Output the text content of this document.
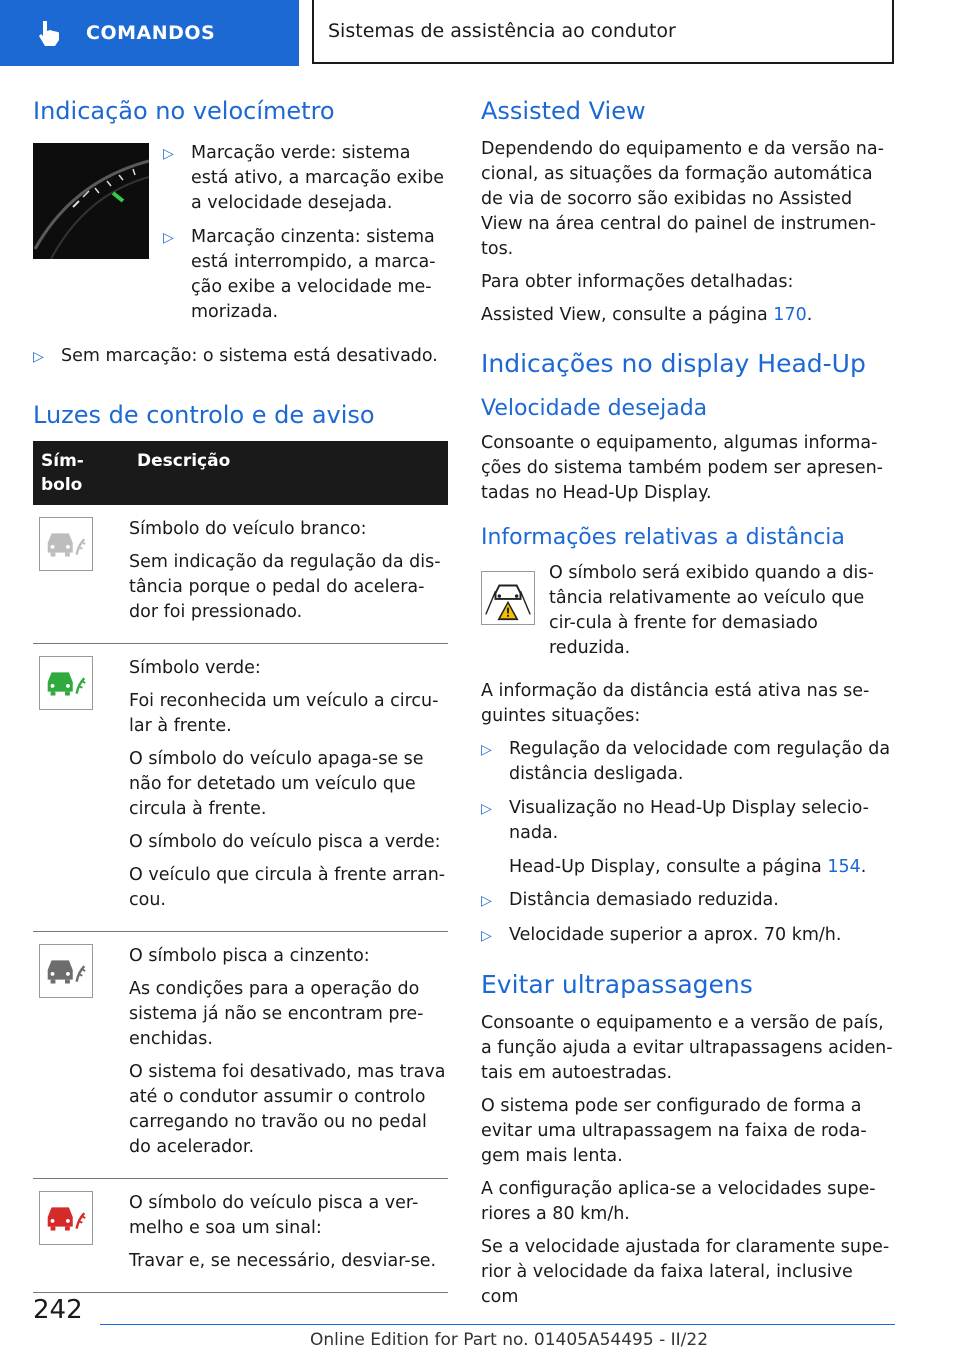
COMANDOS	Sistemas de assistência ao condutor
Indicação no velocímetro
▷ Marcação verde: sistema está ativo, a marcação exibe a velocidade desejada.
▷ Marcação cinzenta: sistema está interrompido, a marca-ção exibe a velocidade me-morizada.
▷ Sem marcação: o sistema está desativado.
Luzes de controlo e de aviso
Sím-bolo	Descrição

Símbolo do veículo branco:

Sem indicação da regulação da dis-tância porque o pedal do acelera-dor foi pressionado.

Símbolo verde:

Foi reconhecida um veículo a circu-lar à frente.

O símbolo do veículo apaga-se se não for detetado um veículo que circula à frente.

O símbolo do veículo pisca a verde:

O veículo que circula à frente arran-cou.

O símbolo pisca a cinzento:

As condições para a operação do sistema já não se encontram pre-enchidas.

O sistema foi desativado, mas trava até o condutor assumir o controlo carregando no travão ou no pedal do acelerador.

O símbolo do veículo pisca a ver-melho e soa um sinal:

Travar e, se necessário, desviar-se.

Assisted View

Dependendo do equipamento e da versão na-cional, as situações da formação automática de via de socorro são exibidas no Assisted View na área central do painel de instrumen-tos.

Para obter informações detalhadas:

Assisted View, consulte a página 170.

Indicações no display Head-Up
Velocidade desejada

Consoante o equipamento, algumas informa-ções do sistema também podem ser apresen-tadas no Head-Up Display.

Informações relativas a distância

O símbolo será exibido quando a dis-tância relativamente ao veículo que cir-cula à frente for demasiado reduzida.

A informação da distância está ativa nas se-guintes situações:

▷ Regulação da velocidade com regulação da distância desligada.
▷ Visualização no Head-Up Display selecio-nada.

Head-Up Display, consulte a página 154.

▷ Distância demasiado reduzida.
▷ Velocidade superior a aprox. 70 km/h.
Evitar ultrapassagens

Consoante o equipamento e a versão de país, a função ajuda a evitar ultrapassagens aciden-tais em autoestradas.

O sistema pode ser configurado de forma a evitar uma ultrapassagem na faixa de roda-gem mais lenta.

A configuração aplica-se a velocidades supe-riores a 80 km/h.

Se a velocidade ajustada for claramente supe-rior à velocidade da faixa lateral, inclusive com

242
Online Edition for Part no. 01405A54495 - II/22
